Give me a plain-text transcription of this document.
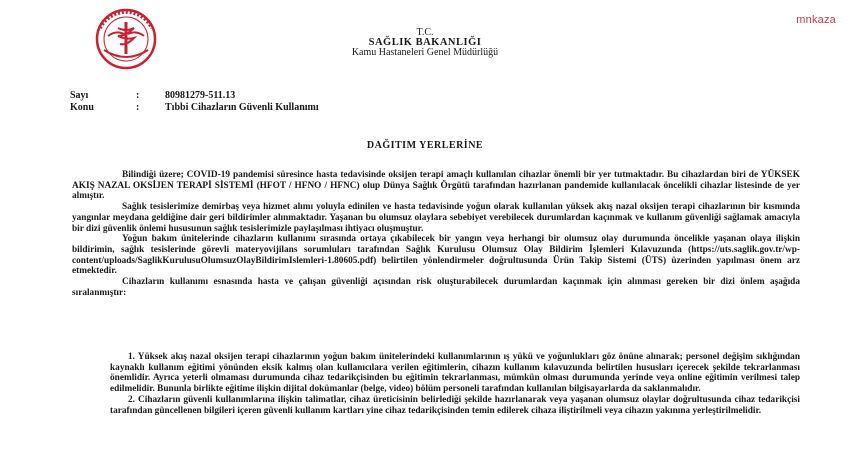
mnkaza
T.C.
SAĞLIK BAKANLIĞI
Kamu Hastaneleri Genel Müdürlüğü
Sayı	:	80981279-511.13
Konu	:	Tıbbi Cihazların Güvenli Kullanımı
DAĞITIM YERLERİNE

Bilindiği üzere; COVID-19 pandemisi süresince hasta tedavisinde oksijen terapi amaçlı kullanılan cihazlar önemli bir yer tutmaktadır. Bu cihazlardan biri de YÜKSEK AKIŞ NAZAL OKSİJEN TERAPİ SİSTEMİ (HFOT / HFNO / HFNC) olup Dünya Sağlık Örgütü tarafından hazırlanan pandemide kullanılacak öncelikli cihazlar listesinde de yer almıştır.

Sağlık tesislerimize demirbaş veya hizmet alımı yoluyla edinilen ve hasta tedavisinde yoğun olarak kullanılan yüksek akış nazal oksijen terapi cihazlarının bir kısmında yangınlar meydana geldiğine dair geri bildirimler alınmaktadır. Yaşanan bu olumsuz olaylara sebebiyet verebilecek durumlardan kaçınmak ve kullanım güvenliği sağlamak amacıyla bir dizi güvenlik önlemi hususunun sağlık tesislerimizle paylaşılması ihtiyacı oluşmuştur.

Yoğun bakım ünitelerinde cihazların kullanımı sırasında ortaya çıkabilecek bir yangın veya herhangi bir olumsuz olay durumunda öncelikle yaşanan olaya ilişkin bildirimin, sağlık tesislerinde görevli materyovijilans sorumluları tarafından Sağlık Kurulusu Olumsuz Olay Bildirim İşlemleri Kılavuzunda (https://uts.saglik.gov.tr/wp-content/uploads/SaglikKurulusuOlumsuzOlayBildirimIslemleri-1.80605.pdf) belirtilen yönlendirmeler doğrultusunda Ürün Takip Sistemi (ÜTS) üzerinden yapılması önem arz etmektedir.

Cihazların kullanımı esnasında hasta ve çalışan güvenliği açısından risk oluşturabilecek durumlardan kaçınmak için alınması gereken bir dizi önlem aşağıda sıralanmıştır:

1. Yüksek akış nazal oksijen terapi cihazlarının yoğun bakım ünitelerindeki kullanımlarının ış yükü ve yoğunlukları göz önüne alınarak; personel değişim sıklığından kaynaklı kullanım eğitimi yönünden eksik kalmış olan kullanıcılara verilen eğitimlerin, cihazın kullanım kılavuzunda belirtilen hususları içerecek şekilde tekrarlanması önemlidir. Ayrıca yeterli olmaması durumunda cihaz tedarikçisinden bu eğitimin tekrarlanması, mümkün olması durumunda yerinde veya online eğitimin verilmesi talep edilmelidir. Bununla birlikte eğitime ilişkin dijital dokümanlar (belge, video) bölüm personeli tarafından kullanılan bilgisayarlarda da saklanmalıdır.

2. Cihazların güvenli kullanımlarına ilişkin talimatlar, cihaz üreticisinin belirlediği şekilde hazırlanarak veya yaşanan olumsuz olaylar doğrultusunda cihaz tedarikçisi tarafından güncellenen bilgileri içeren güvenli kullanım kartları yine cihaz tedarikçisinden temin edilerek cihaza iliştirilmeli veya cihazın yakınına yerleştirilmelidir.
